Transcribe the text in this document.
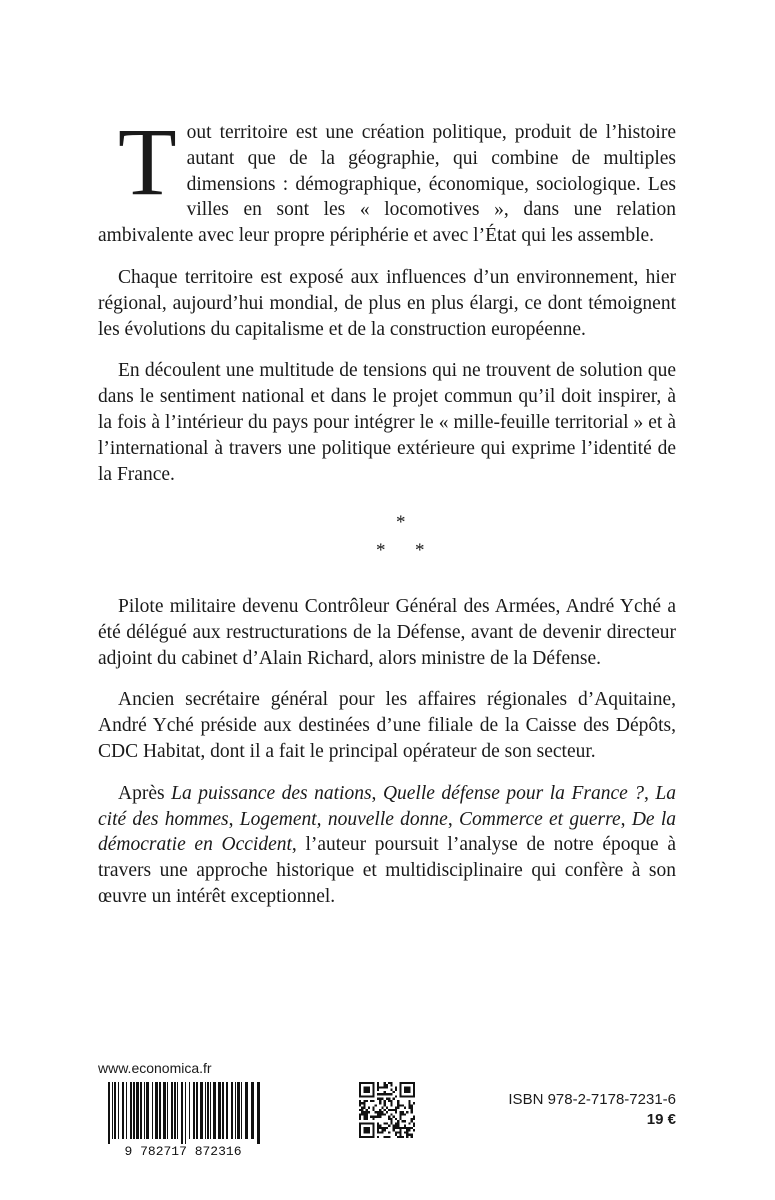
Tout territoire est une création politique, produit de l’histoire autant que de la géographie, qui combine de multiples dimensions : démographique, économique, sociologique. Les villes en sont les « locomotives », dans une relation ambivalente avec leur propre périphérie et avec l’État qui les assemble.

Chaque territoire est exposé aux influences d’un environnement, hier régional, aujourd’hui mondial, de plus en plus élargi, ce dont témoignent les évolutions du capitalisme et de la construction européenne.

En découlent une multitude de tensions qui ne trouvent de solution que dans le sentiment national et dans le projet commun qu’il doit inspirer, à la fois à l’intérieur du pays pour intégrer le « mille-feuille territorial » et à l’international à travers une politique extérieure qui exprime l’identité de la France.

*
* *

Pilote militaire devenu Contrôleur Général des Armées, André Yché a été délégué aux restructurations de la Défense, avant de devenir directeur adjoint du cabinet d’Alain Richard, alors ministre de la Défense.

Ancien secrétaire général pour les affaires régionales d’Aquitaine, André Yché préside aux destinées d’une filiale de la Caisse des Dépôts, CDC Habitat, dont il a fait le principal opérateur de son secteur.

Après La puissance des nations, Quelle défense pour la France ?, La cité des hommes, Logement, nouvelle donne, Commerce et guerre, De la démocratie en Occident, l’auteur poursuit l’analyse de notre époque à travers une approche historique et multidisciplinaire qui confère à son œuvre un intérêt exceptionnel.

www.economica.fr
9 782717 872316
ISBN 978-2-7178-7231-6
19 €
